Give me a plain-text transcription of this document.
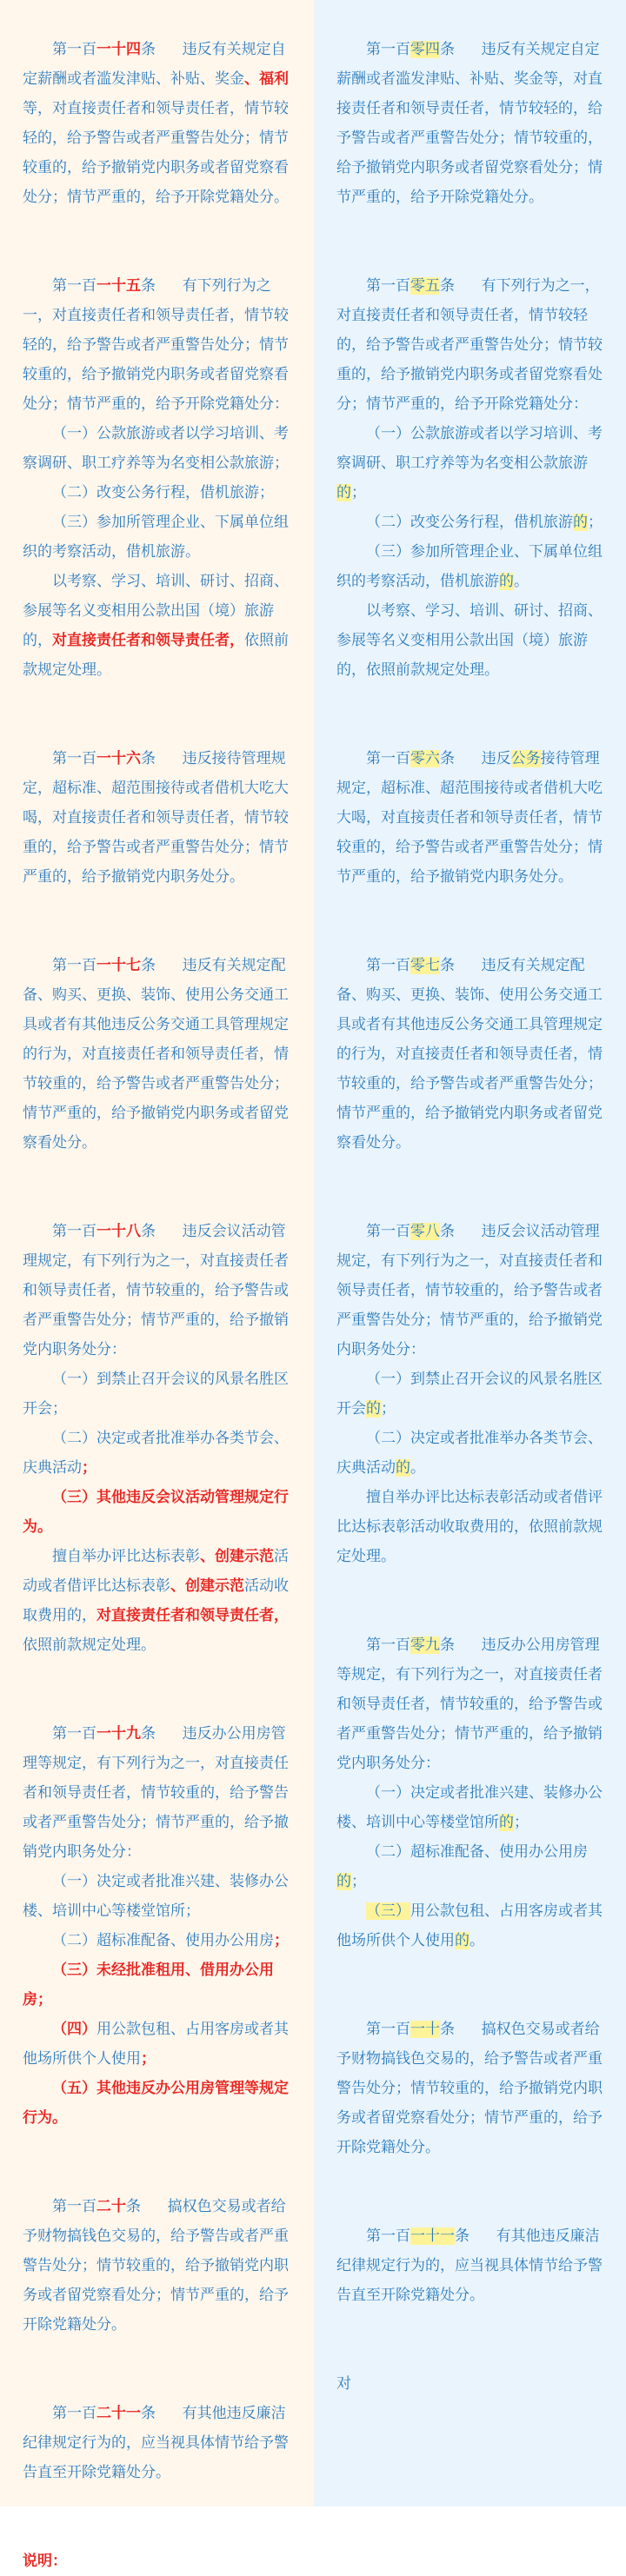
第一百一十四条 违反有关规定自定薪酬或者滥发津贴、补贴、奖金、福利等，对直接责任者和领导责任者，情节较轻的，给予警告或者严重警告处分；情节较重的，给予撤销党内职务或者留党察看处分；情节严重的，给予开除党籍处分。

第一百一十五条 有下列行为之一，对直接责任者和领导责任者，情节较轻的，给予警告或者严重警告处分；情节较重的，给予撤销党内职务或者留党察看处分；情节严重的，给予开除党籍处分：

（一）公款旅游或者以学习培训、考察调研、职工疗养等为名变相公款旅游；

（二）改变公务行程，借机旅游；

（三）参加所管理企业、下属单位组织的考察活动，借机旅游。

以考察、学习、培训、研讨、招商、参展等名义变相用公款出国（境）旅游的，对直接责任者和领导责任者，依照前款规定处理。

第一百一十六条 违反接待管理规定，超标准、超范围接待或者借机大吃大喝，对直接责任者和领导责任者，情节较重的，给予警告或者严重警告处分；情节严重的，给予撤销党内职务处分。

第一百一十七条 违反有关规定配备、购买、更换、装饰、使用公务交通工具或者有其他违反公务交通工具管理规定的行为，对直接责任者和领导责任者，情节较重的，给予警告或者严重警告处分；情节严重的，给予撤销党内职务或者留党察看处分。

第一百一十八条 违反会议活动管理规定，有下列行为之一，对直接责任者和领导责任者，情节较重的，给予警告或者严重警告处分；情节严重的，给予撤销党内职务处分：

（一）到禁止召开会议的风景名胜区开会；

（二）决定或者批准举办各类节会、庆典活动；

（三）其他违反会议活动管理规定行为。

擅自举办评比达标表彰、创建示范活动或者借评比达标表彰、创建示范活动收取费用的，对直接责任者和领导责任者，依照前款规定处理。

第一百一十九条 违反办公用房管理等规定，有下列行为之一，对直接责任者和领导责任者，情节较重的，给予警告或者严重警告处分；情节严重的，给予撤销党内职务处分：

（一）决定或者批准兴建、装修办公楼、培训中心等楼堂馆所；

（二）超标准配备、使用办公用房；

（三）未经批准租用、借用办公用房；

（四）用公款包租、占用客房或者其他场所供个人使用；

（五）其他违反办公用房管理等规定行为。

第一百二十条 搞权色交易或者给予财物搞钱色交易的，给予警告或者严重警告处分；情节较重的，给予撤销党内职务或者留党察看处分；情节严重的，给予开除党籍处分。

第一百二十一条 有其他违反廉洁纪律规定行为的，应当视具体情节给予警告直至开除党籍处分。

说明：

第一百零四条 违反有关规定自定薪酬或者滥发津贴、补贴、奖金等，对直接责任者和领导责任者，情节较轻的，给予警告或者严重警告处分；情节较重的，给予撤销党内职务或者留党察看处分；情节严重的，给予开除党籍处分。

第一百零五条 有下列行为之一，对直接责任者和领导责任者，情节较轻的，给予警告或者严重警告处分；情节较重的，给予撤销党内职务或者留党察看处分；情节严重的，给予开除党籍处分：

（一）公款旅游或者以学习培训、考察调研、职工疗养等为名变相公款旅游的；

（二）改变公务行程，借机旅游的；

（三）参加所管理企业、下属单位组织的考察活动，借机旅游的。

以考察、学习、培训、研讨、招商、参展等名义变相用公款出国（境）旅游的，依照前款规定处理。

第一百零六条 违反公务接待管理规定，超标准、超范围接待或者借机大吃大喝，对直接责任者和领导责任者，情节较重的，给予警告或者严重警告处分；情节严重的，给予撤销党内职务处分。

第一百零七条 违反有关规定配备、购买、更换、装饰、使用公务交通工具或者有其他违反公务交通工具管理规定的行为，对直接责任者和领导责任者，情节较重的，给予警告或者严重警告处分；情节严重的，给予撤销党内职务或者留党察看处分。

第一百零八条 违反会议活动管理规定，有下列行为之一，对直接责任者和领导责任者，情节较重的，给予警告或者严重警告处分；情节严重的，给予撤销党内职务处分：

（一）到禁止召开会议的风景名胜区开会的；

（二）决定或者批准举办各类节会、庆典活动的。

擅自举办评比达标表彰活动或者借评比达标表彰活动收取费用的，依照前款规定处理。

第一百零九条 违反办公用房管理等规定，有下列行为之一，对直接责任者和领导责任者，情节较重的，给予警告或者严重警告处分；情节严重的，给予撤销党内职务处分：

（一）决定或者批准兴建、装修办公楼、培训中心等楼堂馆所的；

（二）超标准配备、使用办公用房的；

（三）用公款包租、占用客房或者其他场所供个人使用的。

第一百一十条 搞权色交易或者给予财物搞钱色交易的，给予警告或者严重警告处分；情节较重的，给予撤销党内职务或者留党察看处分；情节严重的，给予开除党籍处分。

第一百一十一条 有其他违反廉洁纪律规定行为的，应当视具体情节给予警告直至开除党籍处分。

对
